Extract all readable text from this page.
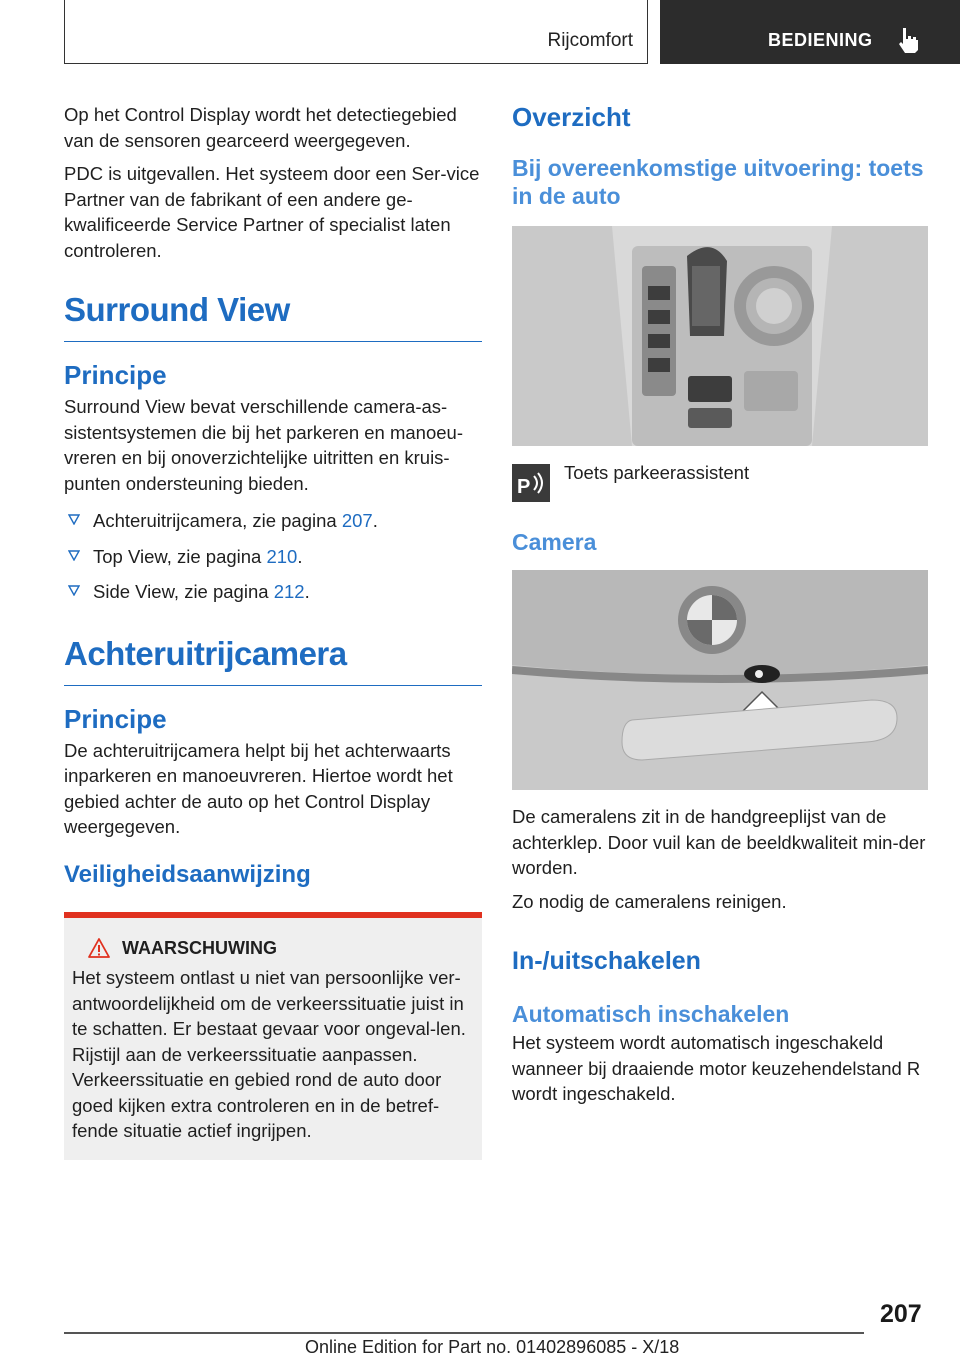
Rijcomfort	BEDIENING

Op het Control Display wordt het detectiegebied van de sensoren gearceerd weergegeven.

PDC is uitgevallen. Het systeem door een Ser-vice Partner van de fabrikant of een andere ge-kwalificeerde Service Partner of specialist laten controleren.

Surround View
Principe

Surround View bevat verschillende camera-as-sistentsystemen die bij het parkeren en manoeu-vreren en bij onoverzichtelijke uitritten en kruis-punten ondersteuning bieden.

Achteruitrijcamera, zie pagina 207.
Top View, zie pagina 210.
Side View, zie pagina 212.
Achteruitrijcamera
Principe

De achteruitrijcamera helpt bij het achterwaarts inparkeren en manoeuvreren. Hiertoe wordt het gebied achter de auto op het Control Display weergegeven.

Veiligheidsaanwijzing
WAARSCHUWING

Het systeem ontlast u niet van persoonlijke ver-antwoordelijkheid om de verkeerssituatie juist in te schatten. Er bestaat gevaar voor ongeval-len. Rijstijl aan de verkeerssituatie aanpassen. Verkeerssituatie en gebied rond de auto door goed kijken extra controleren en in de betref-fende situatie actief ingrijpen.

Overzicht
Bij overeenkomstige uitvoering: toets in de auto
P
Toets parkeerassistent
Camera

De cameralens zit in de handgreeplijst van de achterklep. Door vuil kan de beeldkwaliteit min-der worden.

Zo nodig de cameralens reinigen.

In-/uitschakelen
Automatisch inschakelen

Het systeem wordt automatisch ingeschakeld wanneer bij draaiende motor keuzehendelstand R wordt ingeschakeld.

207
Online Edition for Part no. 01402896085 - X/18
